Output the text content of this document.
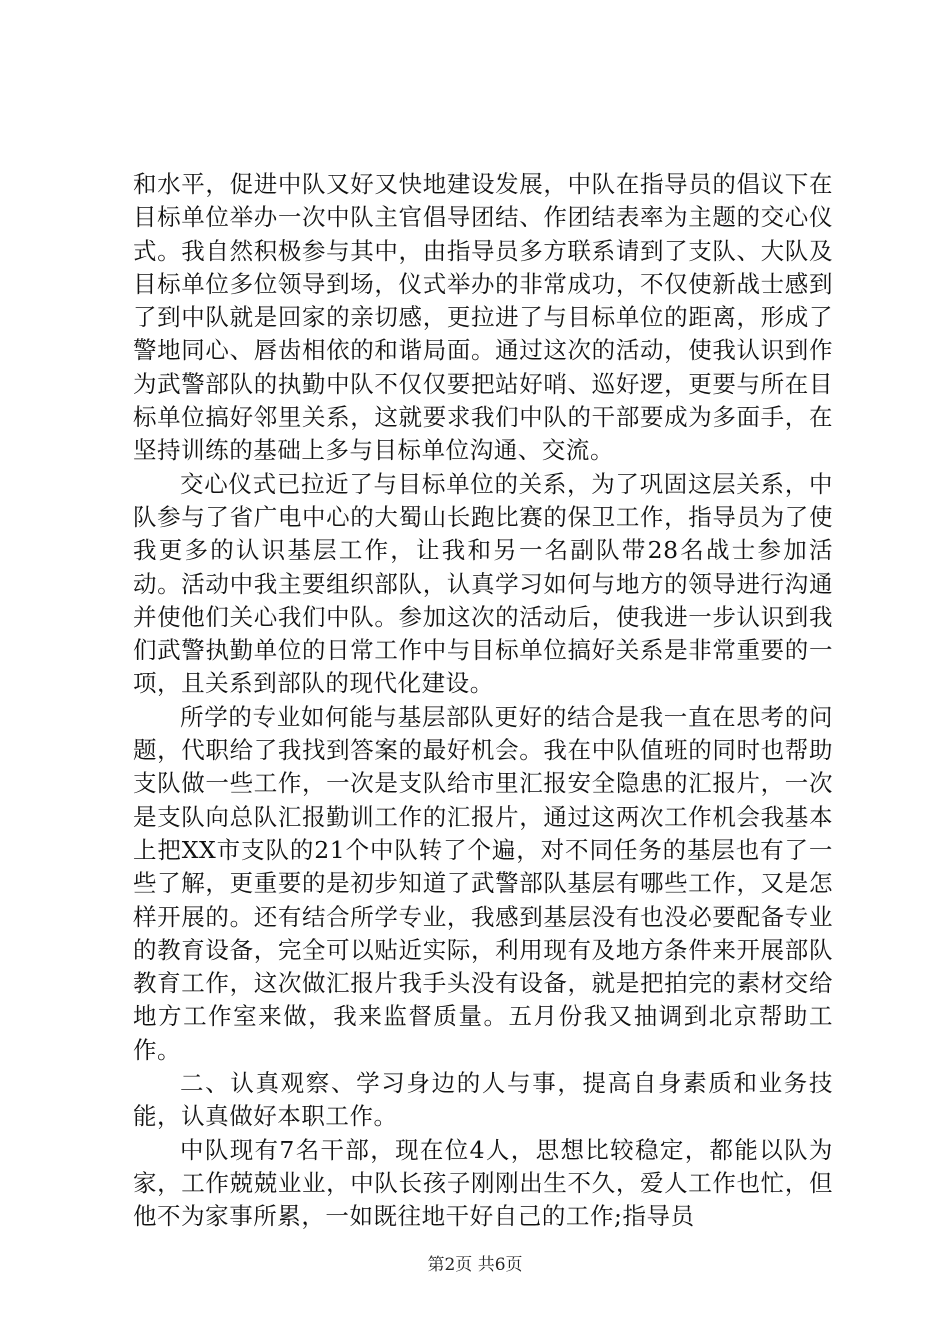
和水平，促进中队又好又快地建设发展，中队在指导员的倡议下在目标单位举办一次中队主官倡导团结、作团结表率为主题的交心仪式。我自然积极参与其中，由指导员多方联系请到了支队、大队及目标单位多位领导到场，仪式举办的非常成功，不仅使新战士感到了到中队就是回家的亲切感，更拉进了与目标单位的距离，形成了警地同心、唇齿相依的和谐局面。通过这次的活动，使我认识到作为武警部队的执勤中队不仅仅要把站好哨、巡好逻，更要与所在目标单位搞好邻里关系，这就要求我们中队的干部要成为多面手，在坚持训练的基础上多与目标单位沟通、交流。

交心仪式已拉近了与目标单位的关系，为了巩固这层关系，中队参与了省广电中心的大蜀山长跑比赛的保卫工作，指导员为了使我更多的认识基层工作，让我和另一名副队带28名战士参加活动。活动中我主要组织部队，认真学习如何与地方的领导进行沟通并使他们关心我们中队。参加这次的活动后，使我进一步认识到我们武警执勤单位的日常工作中与目标单位搞好关系是非常重要的一项，且关系到部队的现代化建设。

所学的专业如何能与基层部队更好的结合是我一直在思考的问题，代职给了我找到答案的最好机会。我在中队值班的同时也帮助支队做一些工作，一次是支队给市里汇报安全隐患的汇报片，一次是支队向总队汇报勤训工作的汇报片，通过这两次工作机会我基本上把XX市支队的21个中队转了个遍，对不同任务的基层也有了一些了解，更重要的是初步知道了武警部队基层有哪些工作，又是怎样开展的。还有结合所学专业，我感到基层没有也没必要配备专业的教育设备，完全可以贴近实际，利用现有及地方条件来开展部队教育工作，这次做汇报片我手头没有设备，就是把拍完的素材交给地方工作室来做，我来监督质量。五月份我又抽调到北京帮助工作。

二、认真观察、学习身边的人与事，提高自身素质和业务技能，认真做好本职工作。

中队现有7名干部，现在位4人，思想比较稳定，都能以队为家，工作兢兢业业，中队长孩子刚刚出生不久，爱人工作也忙，但他不为家事所累，一如既往地干好自己的工作;指导员

第2页 共6页
